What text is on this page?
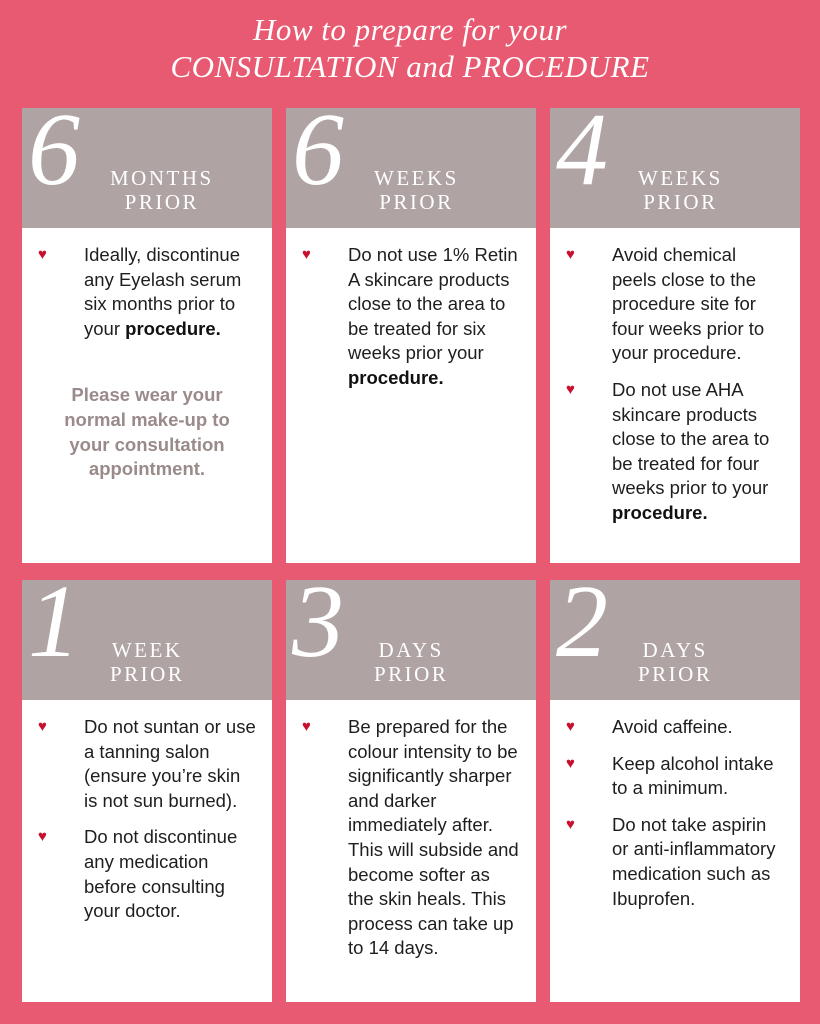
How to prepare for your
CONSULTATION and PROCEDURE
6 MONTHS
PRIOR
♥	Ideally, discontinue any Eyelash serum six months prior to your procedure.
Please wear your normal make-up to your consultation appointment.
6 WEEKS
PRIOR
♥	Do not use 1% Retin A skincare products close to the area to be treated for six weeks prior your procedure.
4 WEEKS
PRIOR
♥	Avoid chemical peels close to the procedure site for four weeks prior to your procedure.
♥	Do not use AHA skincare products close to the area to be treated for four weeks prior to your procedure.
1 WEEK
PRIOR
♥	Do not suntan or use a tanning salon (ensure you’re skin is not sun burned).
♥	Do not discontinue any medication before consulting your doctor.
3 DAYS
PRIOR
♥	Be prepared for the colour intensity to be significantly sharper and darker immediately after. This will subside and become softer as the skin heals. This process can take up to 14 days.
2 DAYS
PRIOR
♥	Avoid caffeine.
♥	Keep alcohol intake to a minimum.
♥	Do not take aspirin or anti-inflammatory medication such as Ibuprofen.
